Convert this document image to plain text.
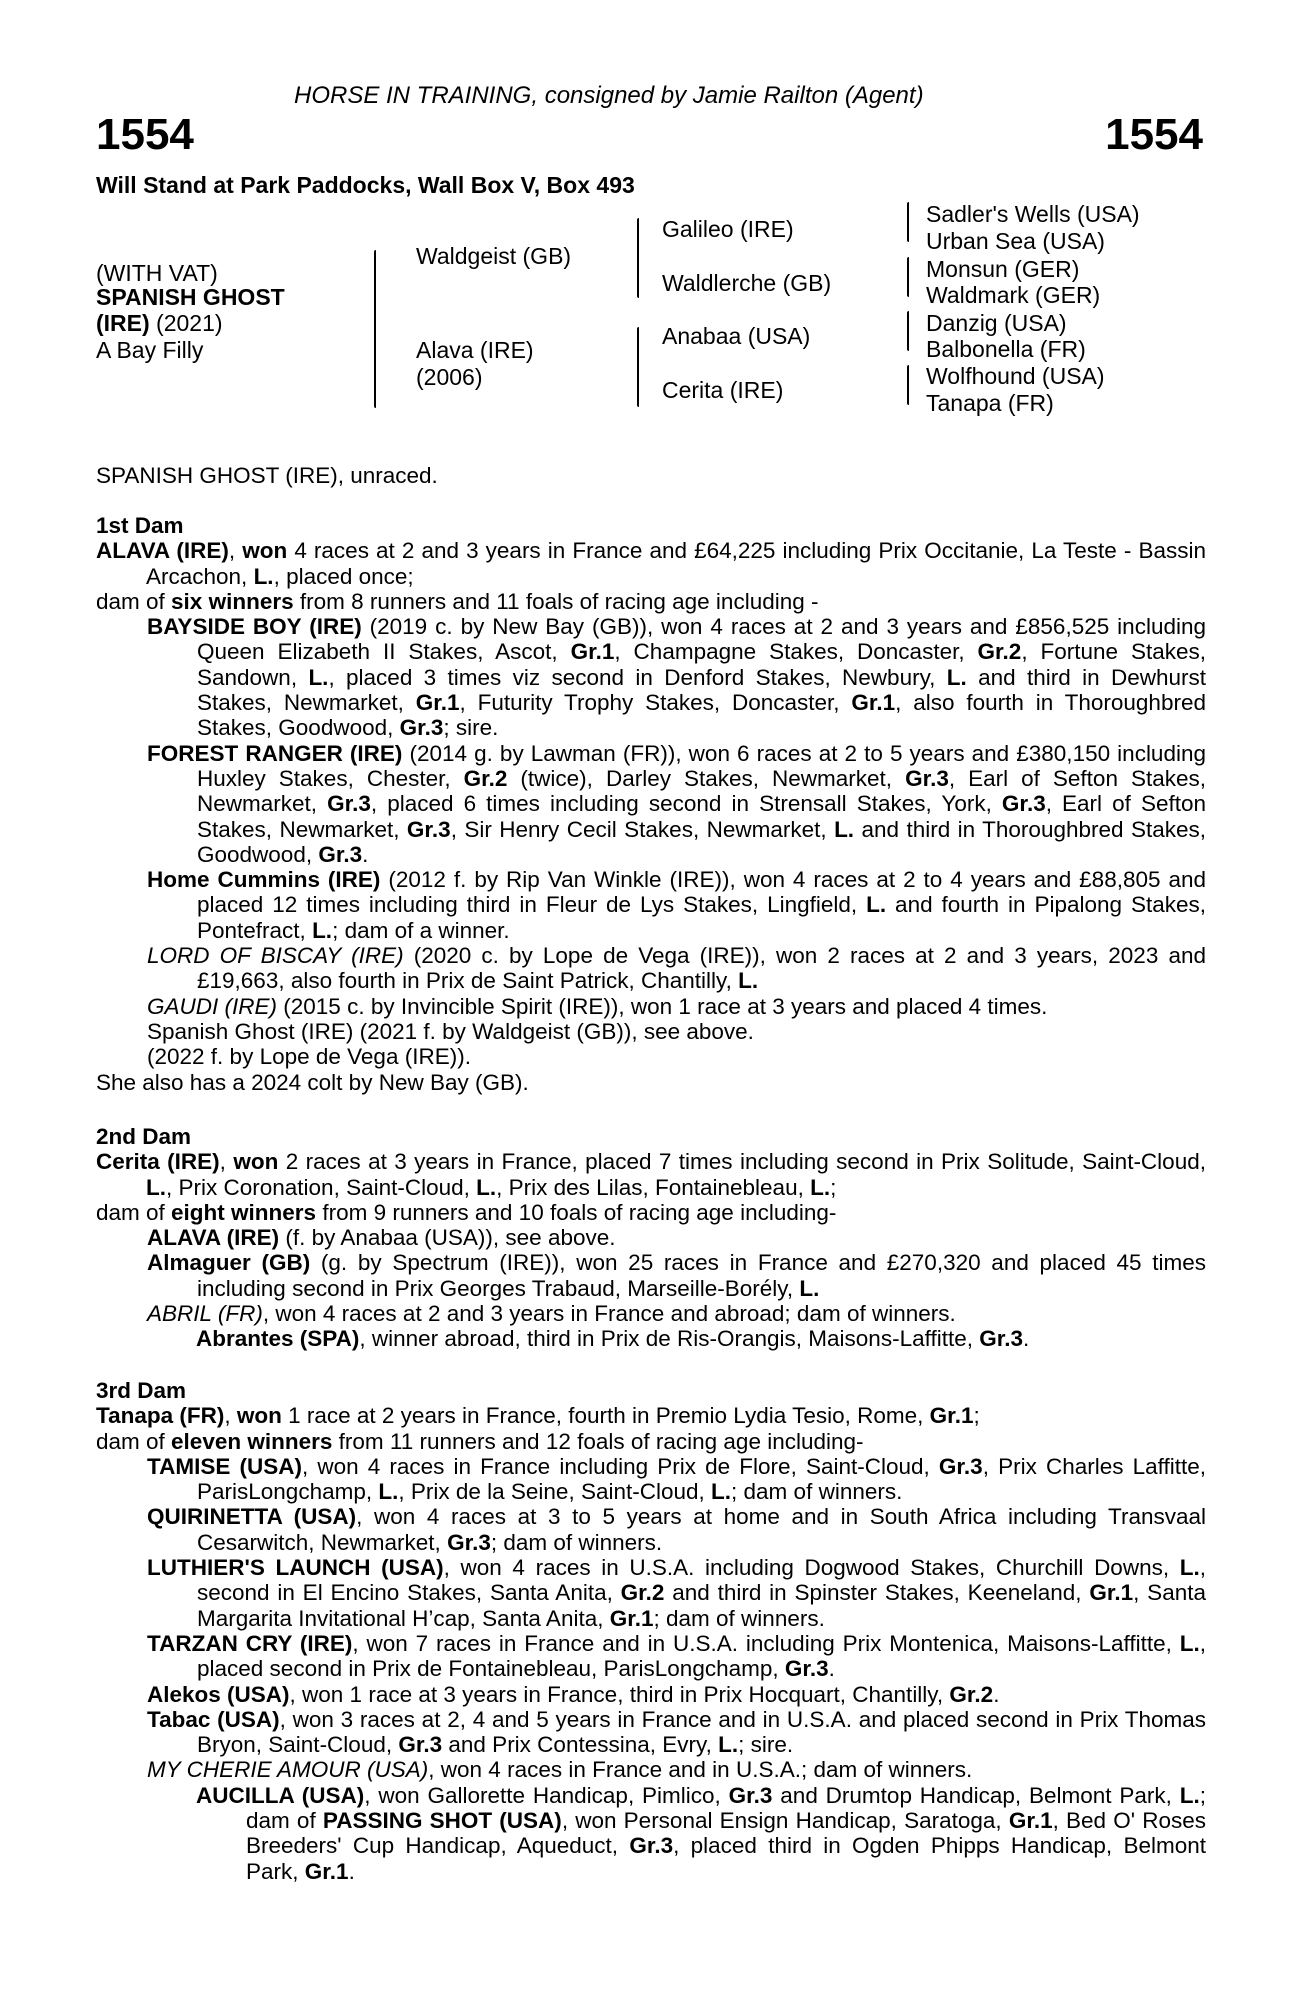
HORSE IN TRAINING, consigned by Jamie Railton (Agent)
1554	1554
Will Stand at Park Paddocks, Wall Box V, Box 493
(WITH VAT)
SPANISH GHOST
(IRE) (2021)
A Bay Filly
Waldgeist (GB)
Alava (IRE)
(2006)
Galileo (IRE)
Waldlerche (GB)
Anabaa (USA)
Cerita (IRE)
Sadler's Wells (USA)
Urban Sea (USA)
Monsun (GER)
Waldmark (GER)
Danzig (USA)
Balbonella (FR)
Wolfhound (USA)
Tanapa (FR)
SPANISH GHOST (IRE), unraced.
1st Dam

ALAVA (IRE), won 4 races at 2 and 3 years in France and £64,225 including Prix Occitanie, La Teste - Bassin Arcachon, L., placed once;

dam of six winners from 8 runners and 11 foals of racing age including -

BAYSIDE BOY (IRE) (2019 c. by New Bay (GB)), won 4 races at 2 and 3 years and £856,525 including Queen Elizabeth II Stakes, Ascot, Gr.1, Champagne Stakes, Doncaster, Gr.2, Fortune Stakes, Sandown, L., placed 3 times viz second in Denford Stakes, Newbury, L. and third in Dewhurst Stakes, Newmarket, Gr.1, Futurity Trophy Stakes, Doncaster, Gr.1, also fourth in Thoroughbred Stakes, Goodwood, Gr.3; sire.

FOREST RANGER (IRE) (2014 g. by Lawman (FR)), won 6 races at 2 to 5 years and £380,150 including Huxley Stakes, Chester, Gr.2 (twice), Darley Stakes, Newmarket, Gr.3, Earl of Sefton Stakes, Newmarket, Gr.3, placed 6 times including second in Strensall Stakes, York, Gr.3, Earl of Sefton Stakes, Newmarket, Gr.3, Sir Henry Cecil Stakes, Newmarket, L. and third in Thoroughbred Stakes, Goodwood, Gr.3.

Home Cummins (IRE) (2012 f. by Rip Van Winkle (IRE)), won 4 races at 2 to 4 years and £88,805 and placed 12 times including third in Fleur de Lys Stakes, Lingfield, L. and fourth in Pipalong Stakes, Pontefract, L.; dam of a winner.

LORD OF BISCAY (IRE) (2020 c. by Lope de Vega (IRE)), won 2 races at 2 and 3 years, 2023 and £19,663, also fourth in Prix de Saint Patrick, Chantilly, L.

GAUDI (IRE) (2015 c. by Invincible Spirit (IRE)), won 1 race at 3 years and placed 4 times.

Spanish Ghost (IRE) (2021 f. by Waldgeist (GB)), see above.

(2022 f. by Lope de Vega (IRE)).

She also has a 2024 colt by New Bay (GB).

2nd Dam

Cerita (IRE), won 2 races at 3 years in France, placed 7 times including second in Prix Solitude, Saint-Cloud, L., Prix Coronation, Saint-Cloud, L., Prix des Lilas, Fontainebleau, L.;

dam of eight winners from 9 runners and 10 foals of racing age including-

ALAVA (IRE) (f. by Anabaa (USA)), see above.

Almaguer (GB) (g. by Spectrum (IRE)), won 25 races in France and £270,320 and placed 45 times including second in Prix Georges Trabaud, Marseille-Borély, L.

ABRIL (FR), won 4 races at 2 and 3 years in France and abroad; dam of winners.

Abrantes (SPA), winner abroad, third in Prix de Ris-Orangis, Maisons-Laffitte, Gr.3.

3rd Dam

Tanapa (FR), won 1 race at 2 years in France, fourth in Premio Lydia Tesio, Rome, Gr.1;

dam of eleven winners from 11 runners and 12 foals of racing age including-

TAMISE (USA), won 4 races in France including Prix de Flore, Saint-Cloud, Gr.3, Prix Charles Laffitte, ParisLongchamp, L., Prix de la Seine, Saint-Cloud, L.; dam of winners.

QUIRINETTA (USA), won 4 races at 3 to 5 years at home and in South Africa including Transvaal Cesarwitch, Newmarket, Gr.3; dam of winners.

LUTHIER'S LAUNCH (USA), won 4 races in U.S.A. including Dogwood Stakes, Churchill Downs, L., second in El Encino Stakes, Santa Anita, Gr.2 and third in Spinster Stakes, Keeneland, Gr.1, Santa Margarita Invitational H’cap, Santa Anita, Gr.1; dam of winners.

TARZAN CRY (IRE), won 7 races in France and in U.S.A. including Prix Montenica, Maisons-Laffitte, L., placed second in Prix de Fontainebleau, ParisLongchamp, Gr.3.

Alekos (USA), won 1 race at 3 years in France, third in Prix Hocquart, Chantilly, Gr.2.

Tabac (USA), won 3 races at 2, 4 and 5 years in France and in U.S.A. and placed second in Prix Thomas Bryon, Saint-Cloud, Gr.3 and Prix Contessina, Evry, L.; sire.

MY CHERIE AMOUR (USA), won 4 races in France and in U.S.A.; dam of winners.

AUCILLA (USA), won Gallorette Handicap, Pimlico, Gr.3 and Drumtop Handicap, Belmont Park, L.; dam of PASSING SHOT (USA), won Personal Ensign Handicap, Saratoga, Gr.1, Bed O' Roses Breeders' Cup Handicap, Aqueduct, Gr.3, placed third in Ogden Phipps Handicap, Belmont Park, Gr.1.
